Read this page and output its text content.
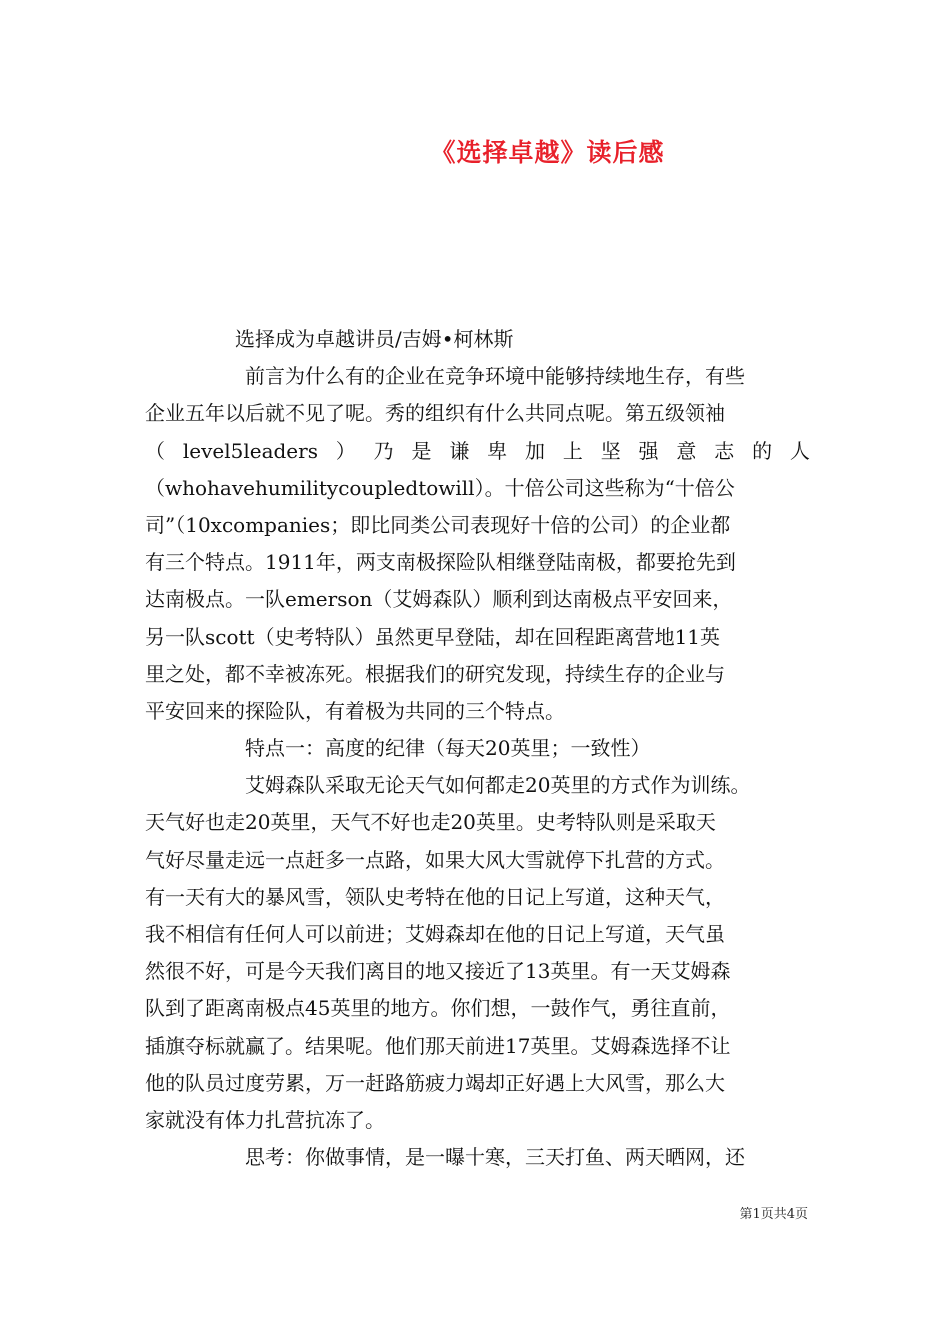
《选择卓越》读后感
选择成为卓越讲员/吉姆•柯林斯
前言为什么有的企业在竞争环境中能够持续地生存，有些
企业五年以后就不见了呢。秀的组织有什么共同点呢。第五级领袖
（ level5leaders ） 乃 是 谦 卑 加 上 坚 强 意 志 的 人
（whohavehumilitycoupledtowill）。十倍公司这些称为“十倍公
司”（10xcompanies；即比同类公司表现好十倍的公司）的企业都
有三个特点。1911年，两支南极探险队相继登陆南极，都要抢先到
达南极点。一队emerson（艾姆森队）顺利到达南极点平安回来，
另一队scott（史考特队）虽然更早登陆，却在回程距离营地11英
里之处，都不幸被冻死。根据我们的研究发现，持续生存的企业与
平安回来的探险队，有着极为共同的三个特点。
特点一：高度的纪律（每天20英里；一致性）
艾姆森队采取无论天气如何都走20英里的方式作为训练。
天气好也走20英里，天气不好也走20英里。史考特队则是采取天
气好尽量走远一点赶多一点路，如果大风大雪就停下扎营的方式。
有一天有大的暴风雪，领队史考特在他的日记上写道，这种天气，
我不相信有任何人可以前进；艾姆森却在他的日记上写道，天气虽
然很不好，可是今天我们离目的地又接近了13英里。有一天艾姆森
队到了距离南极点45英里的地方。你们想，一鼓作气，勇往直前，
插旗夺标就赢了。结果呢。他们那天前进17英里。艾姆森选择不让
他的队员过度劳累，万一赶路筋疲力竭却正好遇上大风雪，那么大
家就没有体力扎营抗冻了。
思考：你做事情，是一曝十寒，三天打鱼、两天晒网，还
第1页共4页
